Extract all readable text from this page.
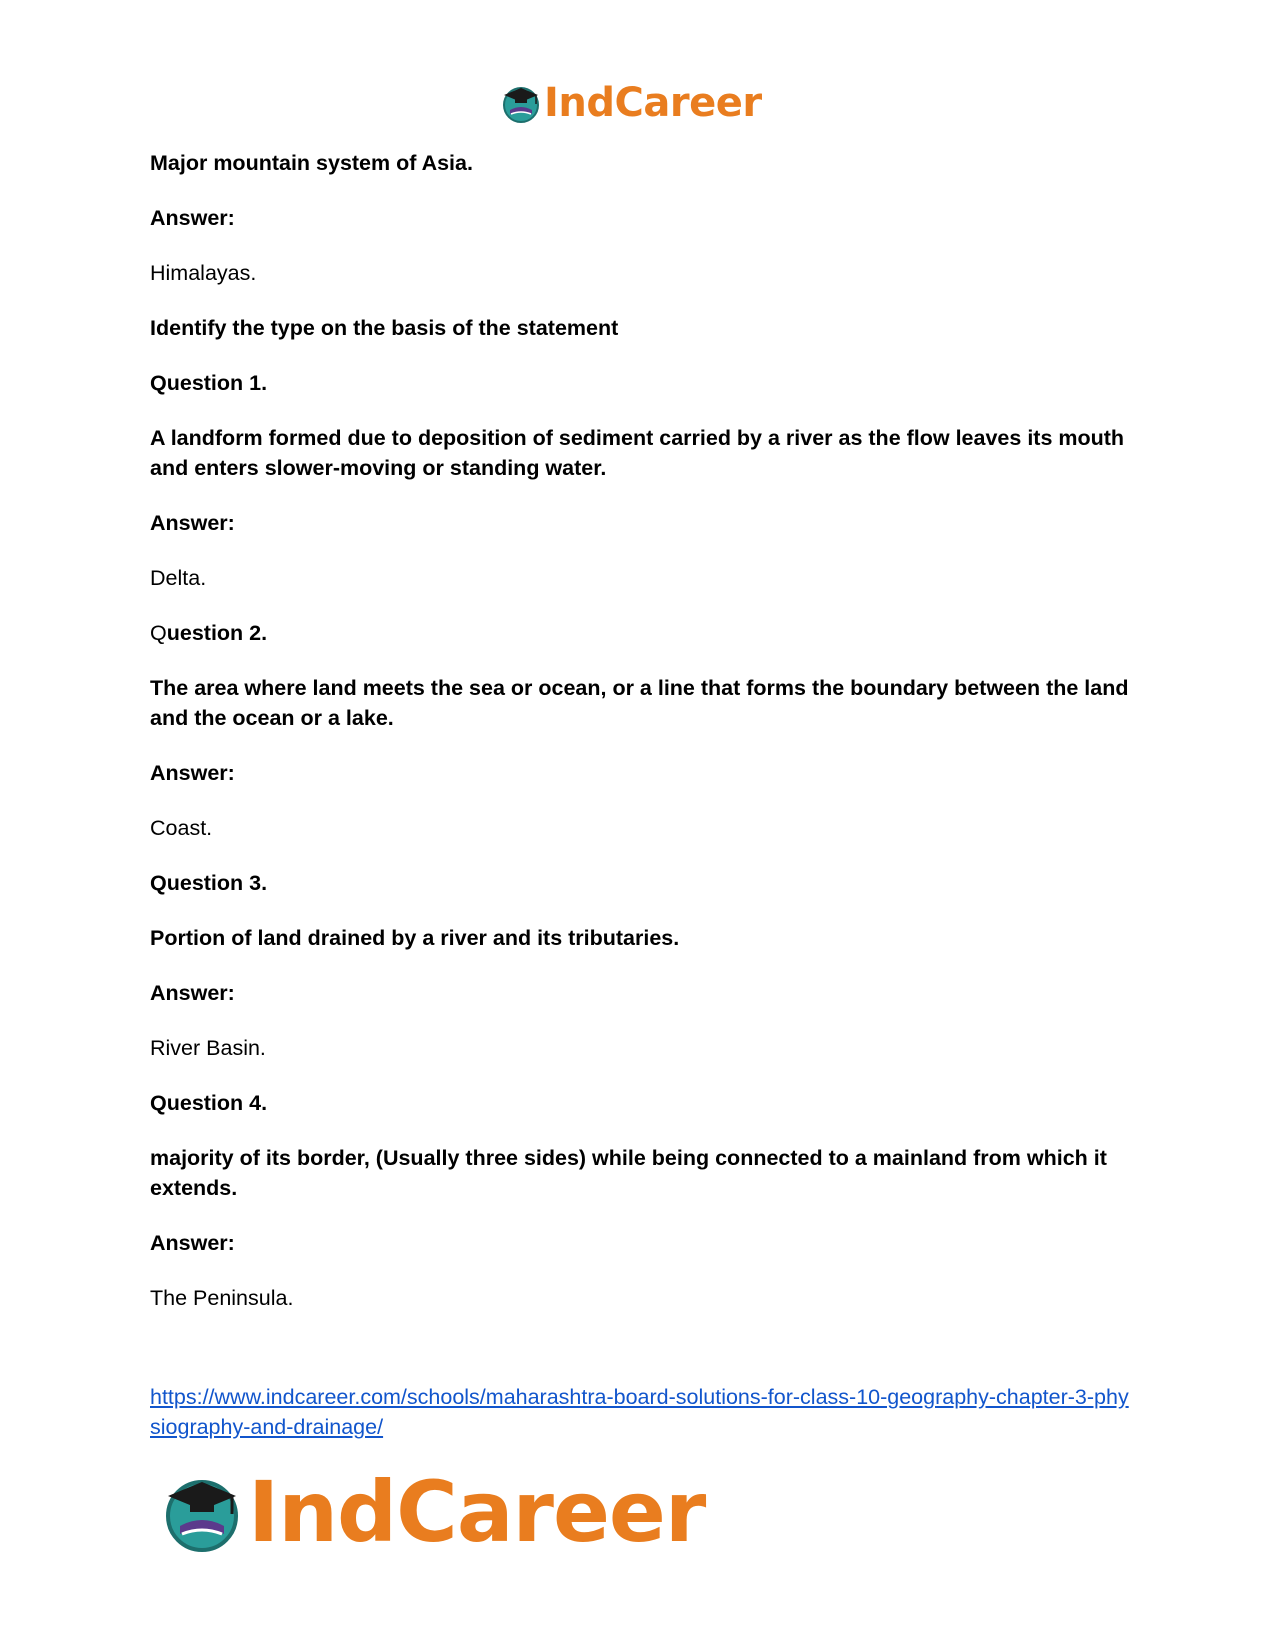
IndCareer

Major mountain system of Asia.

Answer:

Himalayas.

Identify the type on the basis of the statement

Question 1.

A landform formed due to deposition of sediment carried by a river as the flow leaves its mouth and enters slower-moving or standing water.

Answer:

Delta.

Question 2.

The area where land meets the sea or ocean, or a line that forms the boundary between the land and the ocean or a lake.

Answer:

Coast.

Question 3.

Portion of land drained by a river and its tributaries.

Answer:

River Basin.

Question 4.

majority of its border, (Usually three sides) while being connected to a mainland from which it extends.

Answer:

The Peninsula.

https://www.indcareer.com/schools/maharashtra-board-solutions-for-class-10-geography-chapter-3-physiography-and-drainage/
IndCareer
